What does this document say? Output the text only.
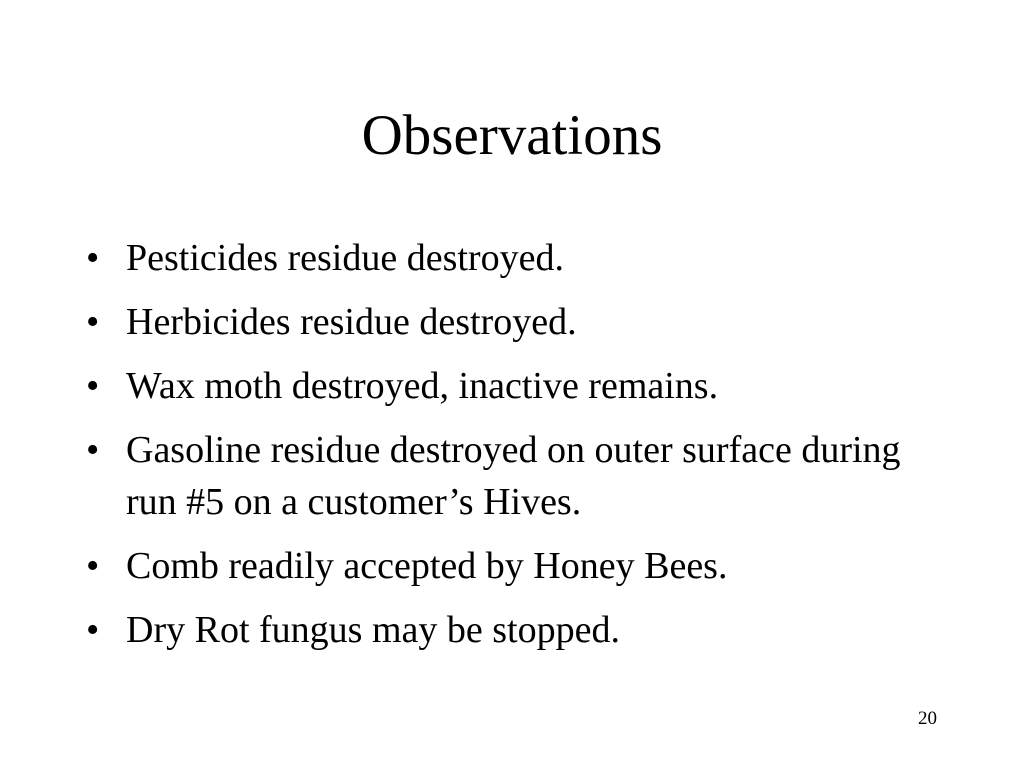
Observations
• Pesticides residue destroyed.
• Herbicides residue destroyed.
• Wax moth destroyed, inactive remains.
• Gasoline residue destroyed on outer surface during run #5 on a customer’s Hives.
• Comb readily accepted by Honey Bees.
• Dry Rot fungus may be stopped.
20
